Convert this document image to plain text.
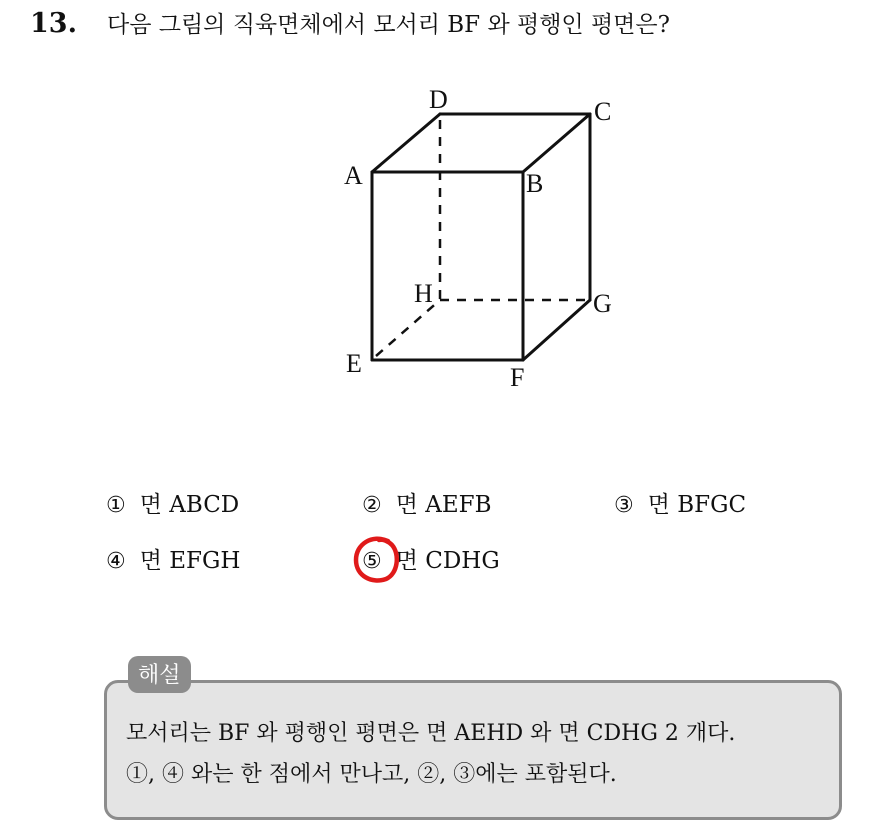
13. 다음 그림의 직육면체에서 모서리 BF 와 평행인 평면은?
D	C
A	B
H	G
E	F
① 면 ABCD	② 면 AEFB	③ 면 BFGC
④ 면 EFGH	⑤ 면 CDHG
해설
모서리는 BF 와 평행인 평면은 면 AEHD 와 면 CDHG 2 개다.
①, ④ 와는 한 점에서 만나고, ②, ③에는 포함된다.
